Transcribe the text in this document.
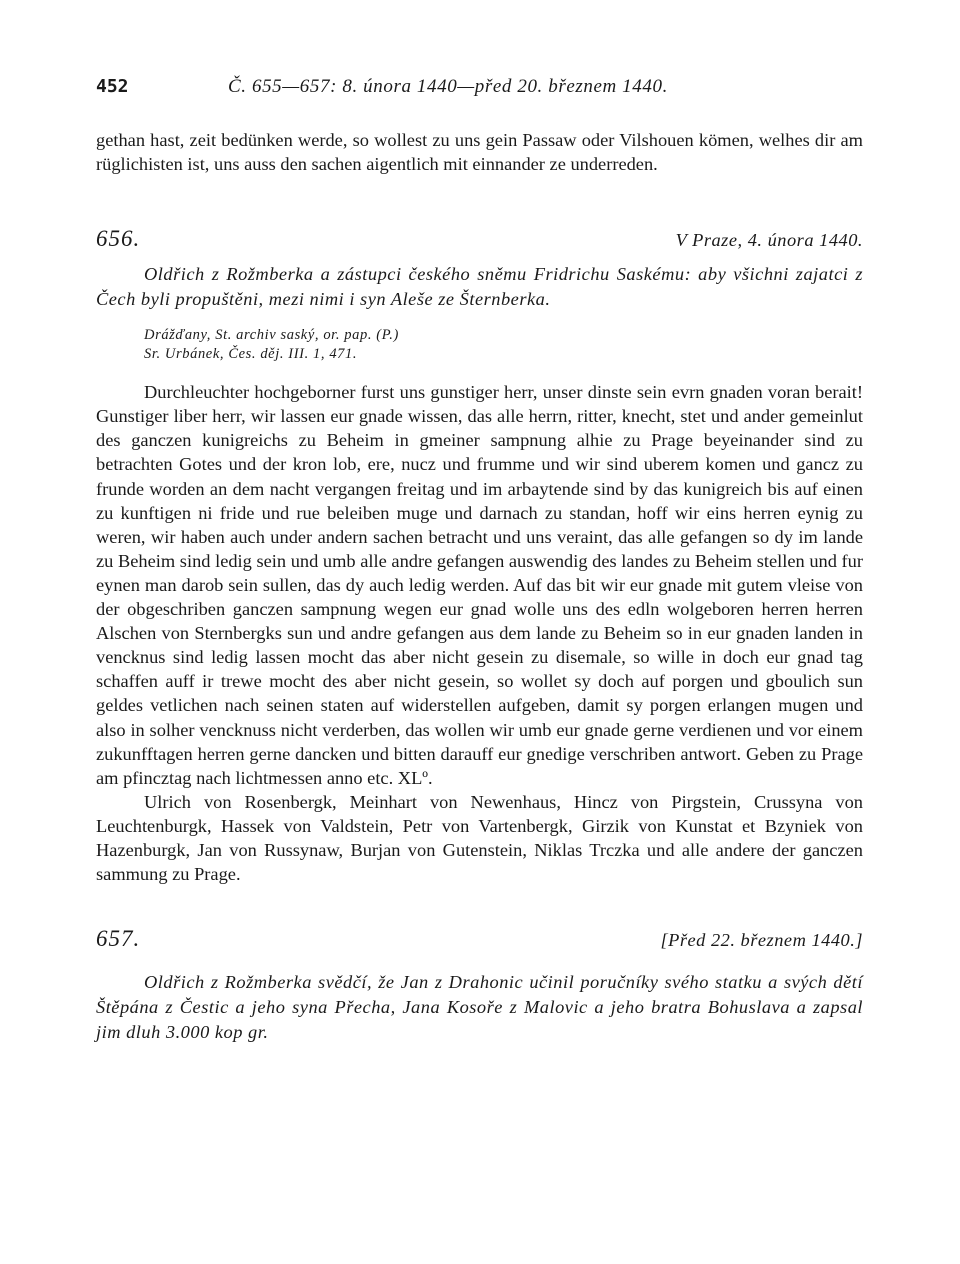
452	Č. 655—657: 8. února 1440—před 20. březnem 1440.

gethan hast, zeit bedünken werde, so wollest zu uns gein Passaw oder Vilshouen kömen, welhes dir am rüglichisten ist, uns auss den sachen aigentlich mit einnander ze underreden.

656.	V Praze, 4. února 1440.

Oldřich z Rožmberka a zástupci českého sněmu Fridrichu Saskému: aby všichni zajatci z Čech byli propuštěni, mezi nimi i syn Aleše ze Šternberka.

Drážďany, St. archiv saský, or. pap. (P.)
Sr. Urbánek, Čes. děj. III. 1, 471.

Durchleuchter hochgeborner furst uns gunstiger herr, unser dinste sein evrn gnaden voran berait! Gunstiger liber herr, wir lassen eur gnade wissen, das alle herrn, ritter, knecht, stet und ander gemeinlut des ganczen kunigreichs zu Beheim in gmeiner sampnung alhie zu Prage beyeinander sind zu betrachten Gotes und der kron lob, ere, nucz und frumme und wir sind uberem komen und gancz zu frunde worden an dem nacht vergangen freitag und im arbaytende sind by das kunigreich bis auf einen zu kunftigen ni fride und rue beleiben muge und darnach zu standan, hoff wir eins herren eynig zu weren, wir haben auch under andern sachen betracht und uns veraint, das alle gefangen so dy im lande zu Beheim sind ledig sein und umb alle andre gefangen auswendig des landes zu Beheim stellen und fur eynen man darob sein sullen, das dy auch ledig werden. Auf das bit wir eur gnade mit gutem vleise von der obgeschriben ganczen sampnung wegen eur gnad wolle uns des edln wolgeboren herren herren Alschen von Sternbergks sun und andre gefangen aus dem lande zu Beheim so in eur gnaden landen in vencknus sind ledig lassen mocht das aber nicht gesein zu disemale, so wille in doch eur gnad tag schaffen auff ir trewe mocht des aber nicht gesein, so wollet sy doch auf porgen und gboulich sun geldes vetlichen nach seinen staten auf widerstellen aufgeben, damit sy porgen erlangen mugen und also in solher vencknuss nicht verderben, das wollen wir umb eur gnade gerne verdienen und vor einem zukunfftagen herren gerne dancken und bitten darauff eur gnedige verschriben antwort. Geben zu Prage am pfincztag nach lichtmessen anno etc. XLº.

Ulrich von Rosenbergk, Meinhart von Newenhaus, Hincz von Pirgstein, Crussyna von Leuchtenburgk, Hassek von Valdstein, Petr von Vartenbergk, Girzik von Kunstat et Bzyniek von Hazenburgk, Jan von Russynaw, Burjan von Gutenstein, Niklas Trczka und alle andere der ganczen sammung zu Prage.

657.	[Před 22. březnem 1440.]

Oldřich z Rožmberka svědčí, že Jan z Drahonic učinil poručníky svého statku a svých dětí Štěpána z Čestic a jeho syna Přecha, Jana Kosoře z Malovic a jeho bratra Bohuslava a zapsal jim dluh 3.000 kop gr.
